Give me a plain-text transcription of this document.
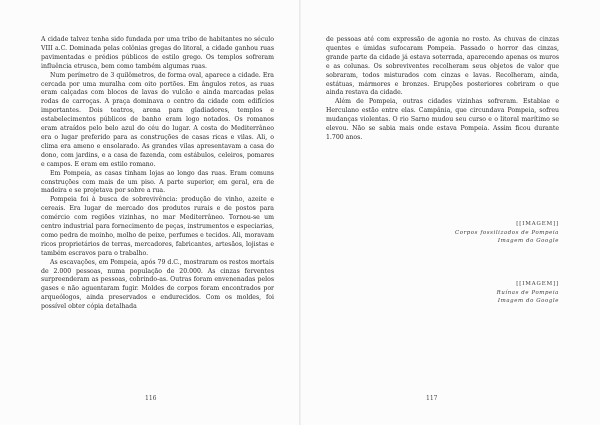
A cidade talvez tenha sido fundada por uma tribo de habitantes no século VIII a.C. Dominada pelas colônias gregas do litoral, a cidade ganhou ruas pavimentadas e prédios públicos de estilo grego. Os templos sofreram influência etrusca, bem como também algumas ruas.

Num perímetro de 3 quilômetros, de forma oval, aparece a cidade. Era cercada por uma muralha com oito portões. Em ângulos retos, as ruas eram calçadas com blocos de lavas do vulcão e ainda marcadas pelas rodas de carroças. A praça dominava o centro da cidade com edifícios importantes. Dois teatros, arena para gladiadores, templos e estabelecimentos públicos de banho eram logo notados. Os romanos eram atraídos pelo belo azul do céu do lugar. A costa do Mediterrâneo era o lugar preferido para as construções de casas ricas e vilas. Ali, o clima era ameno e ensolarado. As grandes vilas apresentavam a casa do dono, com jardins, e a casa de fazenda, com estábulos, celeiros, pomares e campos. E eram em estilo romano.

Em Pompeia, as casas tinham lojas ao longo das ruas. Eram comuns construções com mais de um piso. A parte superior, em geral, era de madeira e se projetava por sobre a rua.

Pompeia foi à busca de sobrevivência: produção de vinho, azeite e cereais. Era lugar de mercado dos produtos rurais e de postos para comércio com regiões vizinhas, no mar Mediterrâneo. Tornou-se um centro industrial para fornecimento de peças, instrumentos e especiarias, como pedra de moinho, molho de peixe, perfumes e tecidos. Ali, moravam ricos proprietários de terras, mercadores, fabricantes, artesãos, lojistas e também escravos para o trabalho.

As escavações, em Pompeia, após 79 d.C., mostraram os restos mortais de 2.000 pessoas, numa população de 20.000. As cinzas ferventes surpreenderam as pessoas, cobrindo-as. Outras foram envenenadas pelos gases e não aguentaram fugir. Moldes de corpos foram encontrados por arqueólogos, ainda preservados e endurecidos. Com os moldes, foi possível obter cópia detalhada

116

de pessoas até com expressão de agonia no rosto. As chuvas de cinzas quentes e úmidas sufocaram Pompeia. Passado o horror das cinzas, grande parte da cidade já estava soterrada, aparecendo apenas os muros e as colunas. Os sobreviventes recolheram seus objetos de valor que sobraram, todos misturados com cinzas e lavas. Recolheram, ainda, estátuas, mármores e bronzes. Erupções posteriores cobriram o que ainda restava da cidade.

Além de Pompeia, outras cidades vizinhas sofreram. Estabiae e Herculano estão entre elas. Campânia, que circundava Pompeia, sofreu mudanças violentas. O rio Sarno mudou seu curso e o litoral marítimo se elevou. Não se sabia mais onde estava Pompeia. Assim ficou durante 1.700 anos.

[[IMAGEM]]
Corpos fossilizados de Pompeia
Imagem do Google
[[IMAGEM]]
Ruínas de Pompeia
Imagem do Google
117
